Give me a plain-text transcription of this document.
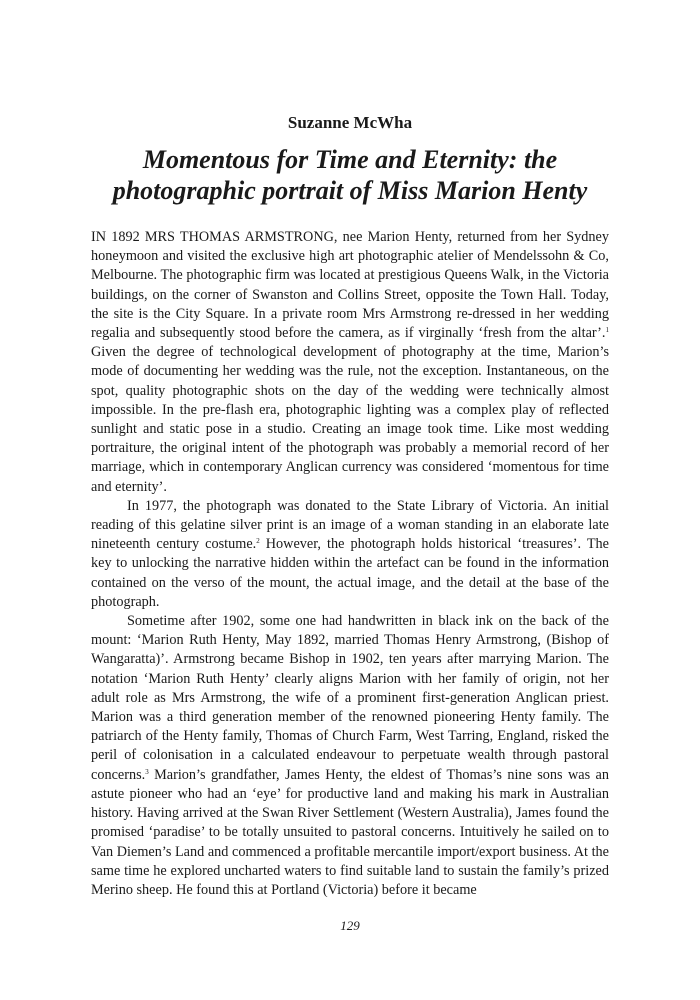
Suzanne McWha

Momentous for Time and Eternity: the
photographic portrait of Miss Marion Henty

IN 1892 MRS THOMAS ARMSTRONG, nee Marion Henty, returned from her Sydney honeymoon and visited the exclusive high art photographic atelier of Mendelssohn & Co, Melbourne. The photographic firm was located at prestigious Queens Walk, in the Victoria buildings, on the corner of Swanston and Collins Street, opposite the Town Hall. Today, the site is the City Square. In a private room Mrs Armstrong re-dressed in her wedding regalia and subsequently stood before the camera, as if virginally ‘fresh from the altar’.$^1$ Given the degree of technological development of photography at the time, Marion’s mode of documenting her wedding was the rule, not the exception. Instantaneous, on the spot, quality photographic shots on the day of the wedding were technically almost impossible. In the pre-flash era, photographic lighting was a complex play of reflected sunlight and static pose in a studio. Creating an image took time. Like most wedding portraiture, the original intent of the photograph was probably a memorial record of her marriage, which in contemporary Anglican currency was considered ‘momentous for time and eternity’.

In 1977, the photograph was donated to the State Library of Victoria. An initial reading of this gelatine silver print is an image of a woman standing in an elaborate late nineteenth century costume.$^2$ However, the photograph holds historical ‘treasures’. The key to unlocking the narrative hidden within the artefact can be found in the information contained on the verso of the mount, the actual image, and the detail at the base of the photograph.

Sometime after 1902, some one had handwritten in black ink on the back of the mount: ‘Marion Ruth Henty, May 1892, married Thomas Henry Armstrong, (Bishop of Wangaratta)’. Armstrong became Bishop in 1902, ten years after marrying Marion. The notation ‘Marion Ruth Henty’ clearly aligns Marion with her family of origin, not her adult role as Mrs Armstrong, the wife of a prominent first-generation Anglican priest. Marion was a third generation member of the renowned pioneering Henty family. The patriarch of the Henty family, Thomas of Church Farm, West Tarring, England, risked the peril of colonisation in a calculated endeavour to perpetuate wealth through pastoral concerns.$^3$ Marion’s grandfather, James Henty, the eldest of Thomas’s nine sons was an astute pioneer who had an ‘eye’ for productive land and making his mark in Australian history. Having arrived at the Swan River Settlement (Western Australia), James found the promised ‘paradise’ to be totally unsuited to pastoral concerns. Intuitively he sailed on to Van Diemen’s Land and commenced a profitable mercantile import/export business. At the same time he explored uncharted waters to find suitable land to sustain the family’s prized Merino sheep. He found this at Portland (Victoria) before it became

129
